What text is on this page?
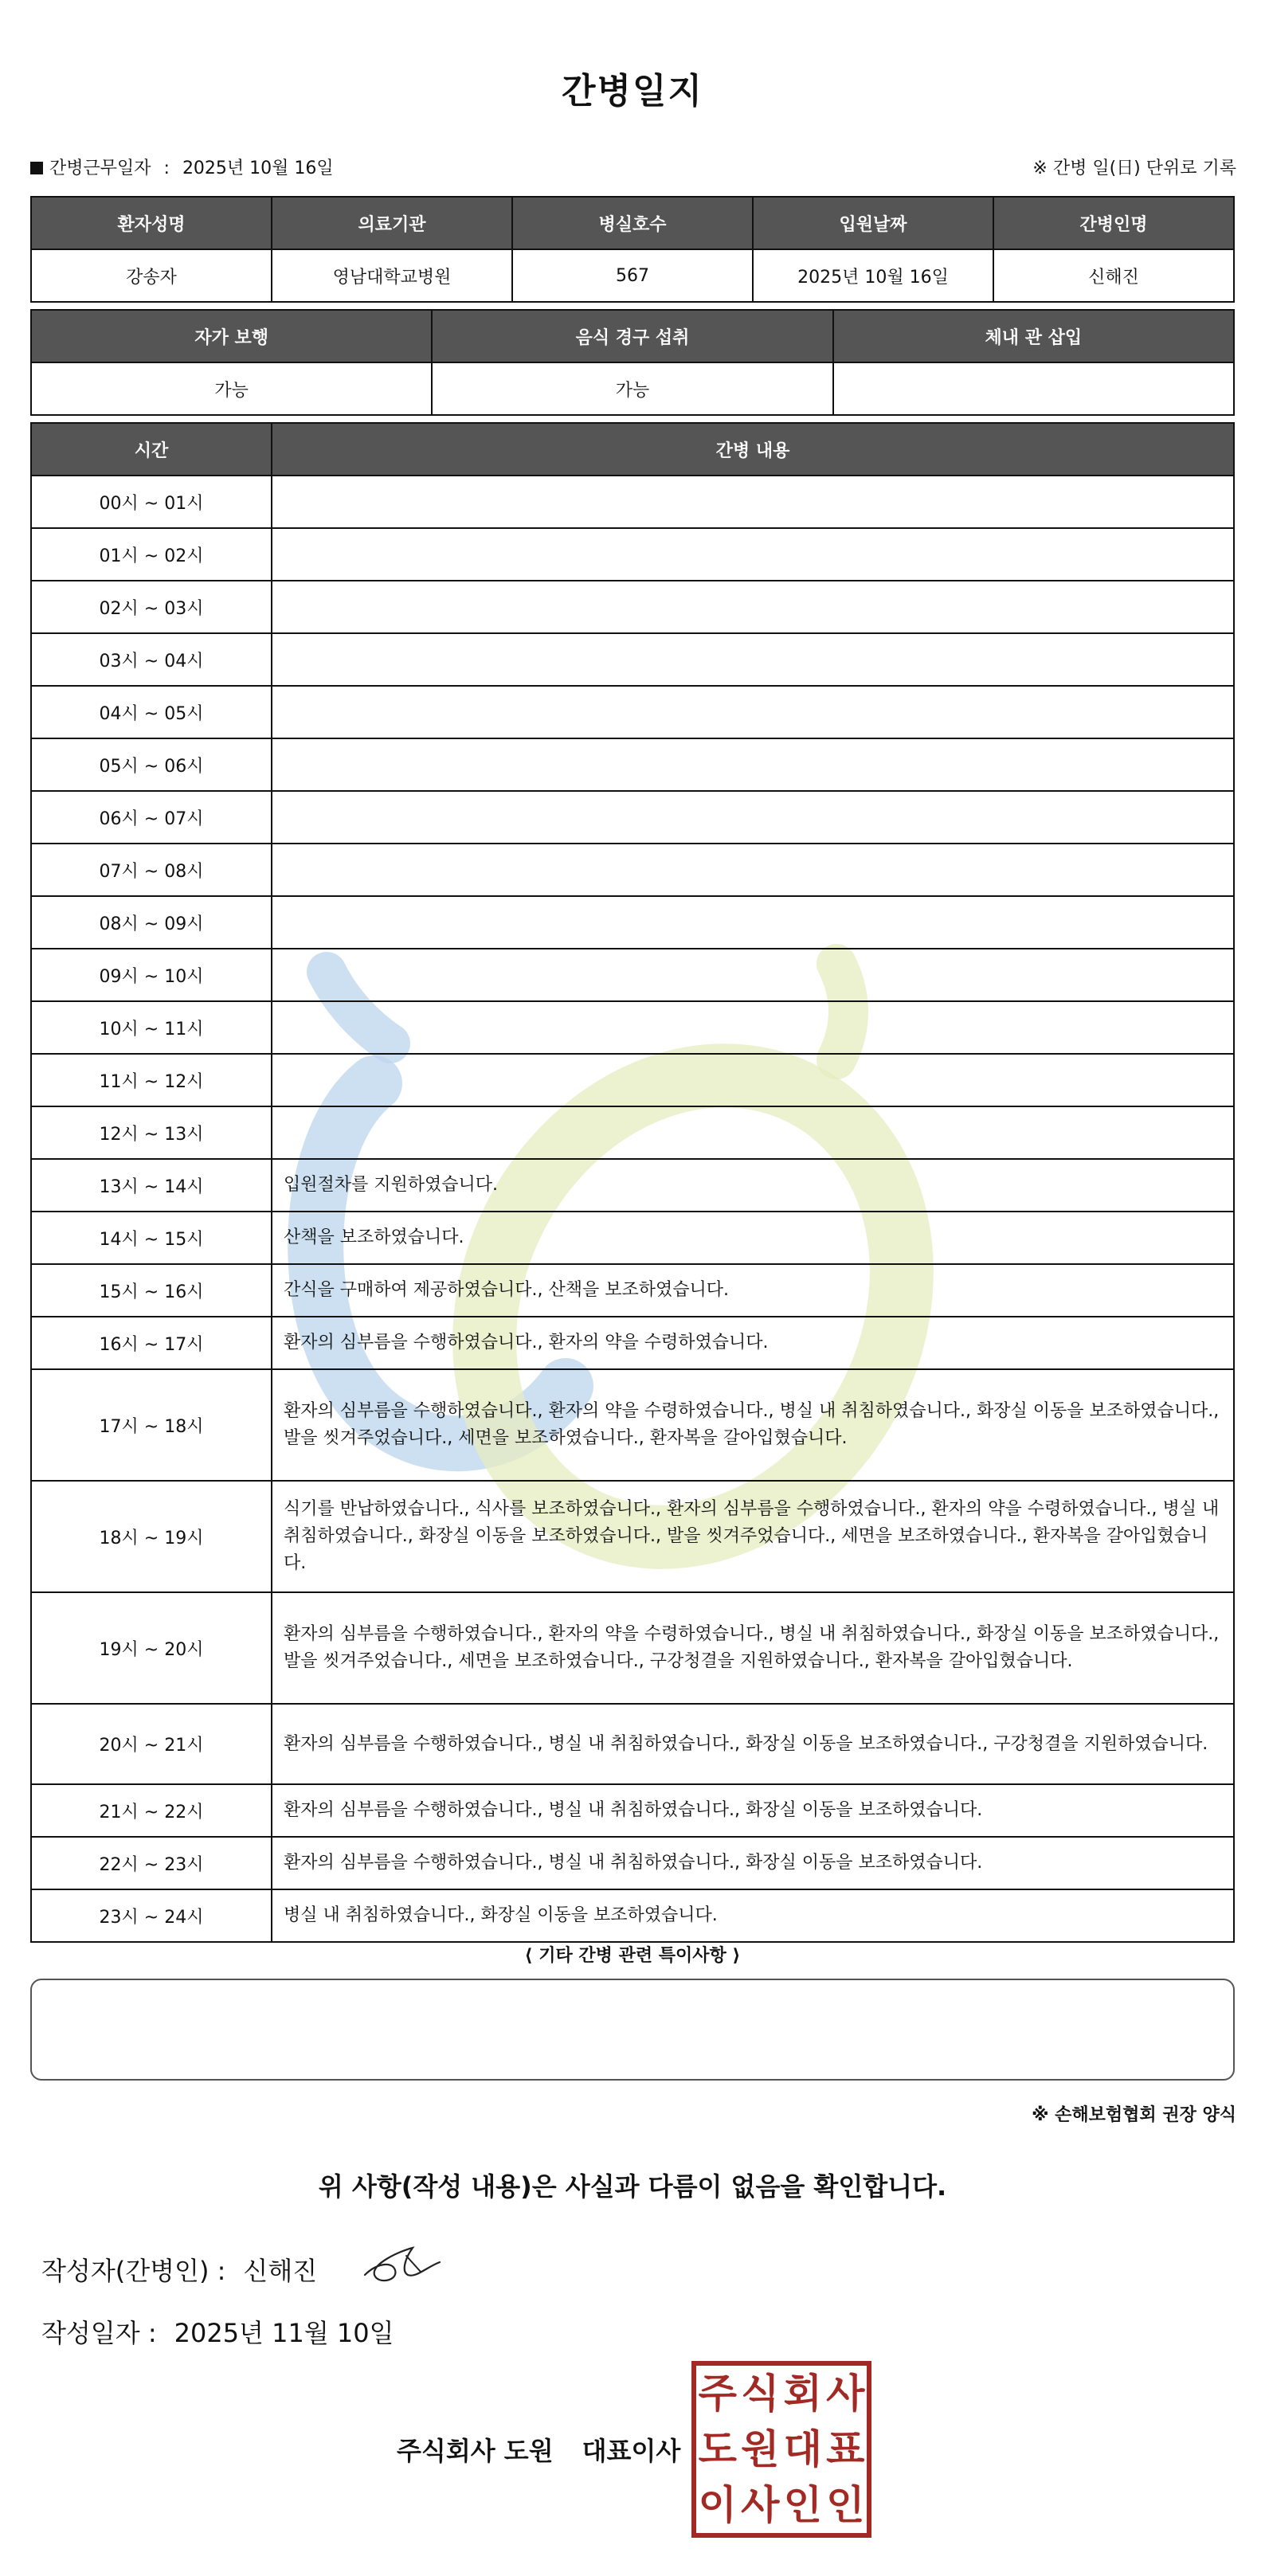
간병일지
간병근무일자 : 2025년 10월 16일	※ 간병 일(日) 단위로 기록
환자성명	의료기관	병실호수	입원날짜	간병인명
강송자	영남대학교병원	567	2025년 10월 16일	신해진
자가 보행	음식 경구 섭취	체내 관 삽입
가능	가능	
시간	간병 내용
00시 ~ 01시	
01시 ~ 02시	
02시 ~ 03시	
03시 ~ 04시	
04시 ~ 05시	
05시 ~ 06시	
06시 ~ 07시	
07시 ~ 08시	
08시 ~ 09시	
09시 ~ 10시	
10시 ~ 11시	
11시 ~ 12시	
12시 ~ 13시	
13시 ~ 14시	입원절차를 지원하였습니다.
14시 ~ 15시	산책을 보조하였습니다.
15시 ~ 16시	간식을 구매하여 제공하였습니다., 산책을 보조하였습니다.
16시 ~ 17시	환자의 심부름을 수행하였습니다., 환자의 약을 수령하였습니다.
17시 ~ 18시	환자의 심부름을 수행하였습니다., 환자의 약을 수령하였습니다., 병실 내 취침하였습니다., 화장실 이동을 보조하였습니다., 발을 씻겨주었습니다., 세면을 보조하였습니다., 환자복을 갈아입혔습니다.
18시 ~ 19시	식기를 반납하였습니다., 식사를 보조하였습니다., 환자의 심부름을 수행하였습니다., 환자의 약을 수령하였습니다., 병실 내 취침하였습니다., 화장실 이동을 보조하였습니다., 발을 씻겨주었습니다., 세면을 보조하였습니다., 환자복을 갈아입혔습니다.
19시 ~ 20시	환자의 심부름을 수행하였습니다., 환자의 약을 수령하였습니다., 병실 내 취침하였습니다., 화장실 이동을 보조하였습니다., 발을 씻겨주었습니다., 세면을 보조하였습니다., 구강청결을 지원하였습니다., 환자복을 갈아입혔습니다.
20시 ~ 21시	환자의 심부름을 수행하였습니다., 병실 내 취침하였습니다., 화장실 이동을 보조하였습니다., 구강청결을 지원하였습니다.
21시 ~ 22시	환자의 심부름을 수행하였습니다., 병실 내 취침하였습니다., 화장실 이동을 보조하였습니다.
22시 ~ 23시	환자의 심부름을 수행하였습니다., 병실 내 취침하였습니다., 화장실 이동을 보조하였습니다.
23시 ~ 24시	병실 내 취침하였습니다., 화장실 이동을 보조하였습니다.
⟨ 기타 간병 관련 특이사항 ⟩
※ 손해보험협회 권장 양식
위 사항(작성 내용)은 사실과 다름이 없음을 확인합니다.
작성자(간병인) : 신해진
작성일자 : 2025년 11월 10일
주식회사 도원 대표이사
주 식 회 사
도 원 대 표
이 사 인 인
